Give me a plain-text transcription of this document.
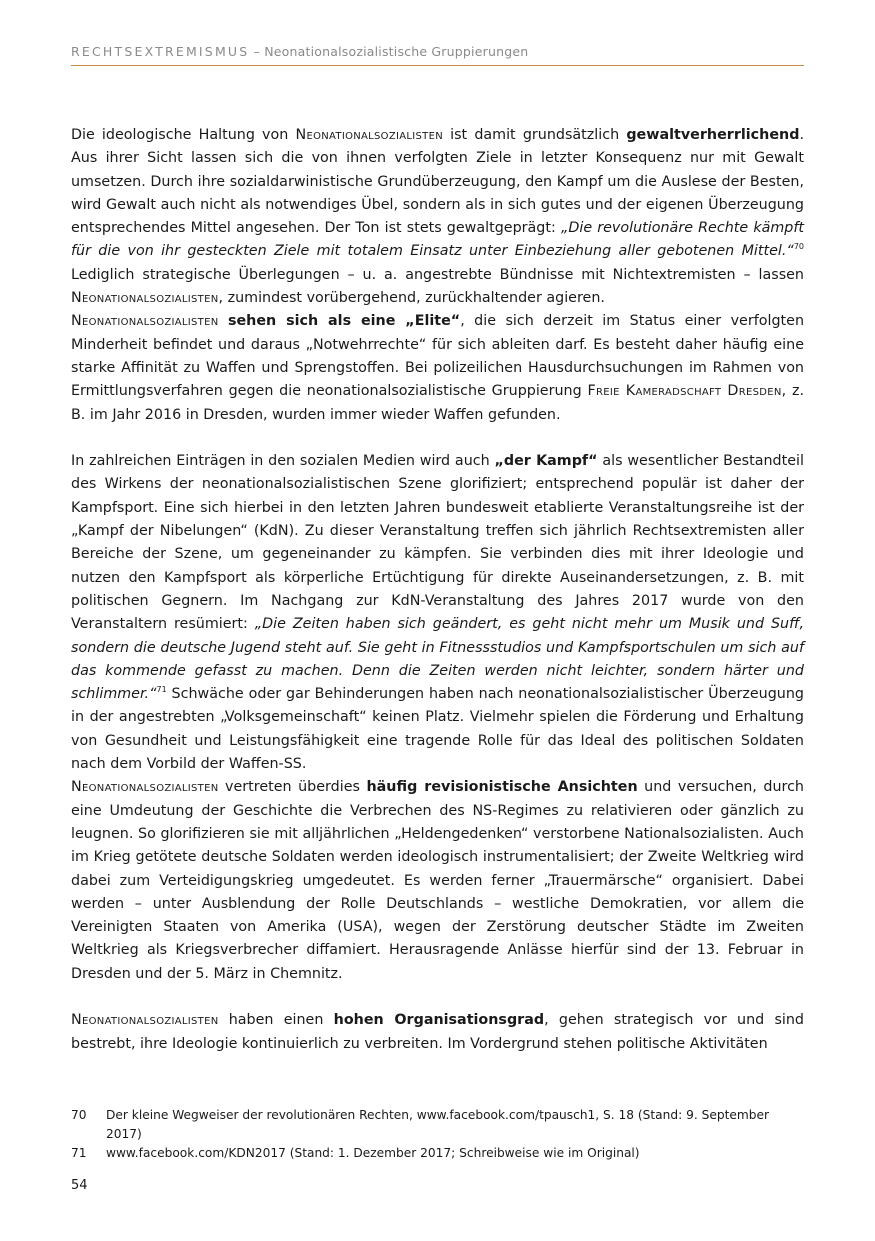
RECHTSEXTREMISMUS – Neonationalsozialistische Gruppierungen

Die ideologische Haltung von Neonationalsozialisten ist damit grundsätzlich gewaltverherrlichend. Aus ihrer Sicht lassen sich die von ihnen verfolgten Ziele in letzter Konsequenz nur mit Gewalt umsetzen. Durch ihre sozialdarwinistische Grundüberzeugung, den Kampf um die Auslese der Besten, wird Gewalt auch nicht als notwendiges Übel, sondern als in sich gutes und der eigenen Überzeugung entsprechendes Mittel angesehen. Der Ton ist stets gewaltgeprägt: „Die revolutionäre Rechte kämpft für die von ihr gesteckten Ziele mit totalem Einsatz unter Einbeziehung aller gebotenen Mittel.“$^{70}$ Lediglich strategische Überlegungen – u. a. angestrebte Bündnisse mit Nichtextremisten – lassen Neonationalsozialisten, zumindest vorübergehend, zurückhaltender agieren.

Neonationalsozialisten sehen sich als eine „Elite“, die sich derzeit im Status einer verfolgten Minderheit befindet und daraus „Notwehrrechte“ für sich ableiten darf. Es besteht daher häufig eine starke Affinität zu Waffen und Sprengstoffen. Bei polizeilichen Hausdurchsuchungen im Rahmen von Ermittlungsverfahren gegen die neonationalsozialistische Gruppierung Freie Kameradschaft Dresden, z. B. im Jahr 2016 in Dresden, wurden immer wieder Waffen gefunden.

In zahlreichen Einträgen in den sozialen Medien wird auch „der Kampf“ als wesentlicher Bestandteil des Wirkens der neonationalsozialistischen Szene glorifiziert; entsprechend populär ist daher der Kampfsport. Eine sich hierbei in den letzten Jahren bundesweit etablierte Veranstaltungsreihe ist der „Kampf der Nibelungen“ (KdN). Zu dieser Veranstaltung treffen sich jährlich Rechtsextremisten aller Bereiche der Szene, um gegeneinander zu kämpfen. Sie verbinden dies mit ihrer Ideologie und nutzen den Kampfsport als körperliche Ertüchtigung für direkte Auseinandersetzungen, z. B. mit politischen Gegnern. Im Nachgang zur KdN-Veranstaltung des Jahres 2017 wurde von den Veranstaltern resümiert: „Die Zeiten haben sich geändert, es geht nicht mehr um Musik und Suff, sondern die deutsche Jugend steht auf. Sie geht in Fitnessstudios und Kampfsportschulen um sich auf das kommende gefasst zu machen. Denn die Zeiten werden nicht leichter, sondern härter und schlimmer.“$^{71}$ Schwäche oder gar Behinderungen haben nach neonationalsozialistischer Überzeugung in der angestrebten „Volksgemeinschaft“ keinen Platz. Vielmehr spielen die Förderung und Erhaltung von Gesundheit und Leistungsfähigkeit eine tragende Rolle für das Ideal des politischen Soldaten nach dem Vorbild der Waffen-SS.

Neonationalsozialisten vertreten überdies häufig revisionistische Ansichten und versuchen, durch eine Umdeutung der Geschichte die Verbrechen des NS-Regimes zu relativieren oder gänzlich zu leugnen. So glorifizieren sie mit alljährlichen „Heldengedenken“ verstorbene Nationalsozialisten. Auch im Krieg getötete deutsche Soldaten werden ideologisch instrumentalisiert; der Zweite Weltkrieg wird dabei zum Verteidigungskrieg umgedeutet. Es werden ferner „Trauermärsche“ organisiert. Dabei werden – unter Ausblendung der Rolle Deutschlands – westliche Demokratien, vor allem die Vereinigten Staaten von Amerika (USA), wegen der Zerstörung deutscher Städte im Zweiten Weltkrieg als Kriegsverbrecher diffamiert. Herausragende Anlässe hierfür sind der 13. Februar in Dresden und der 5. März in Chemnitz.

Neonationalsozialisten haben einen hohen Organisationsgrad, gehen strategisch vor und sind bestrebt, ihre Ideologie kontinuierlich zu verbreiten. Im Vordergrund stehen politische Aktivitäten

70	Der kleine Wegweiser der revolutionären Rechten, www.facebook.com/tpausch1, S. 18 (Stand: 9. September 2017)
71	www.facebook.com/KDN2017 (Stand: 1. Dezember 2017; Schreibweise wie im Original)
54
